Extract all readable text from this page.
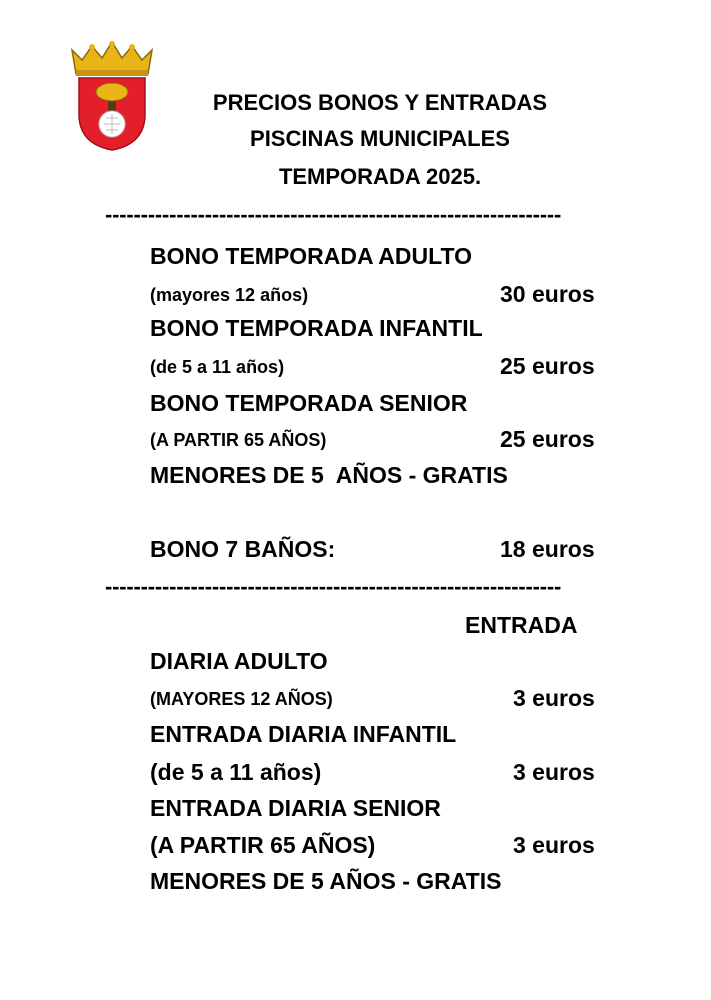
PRECIOS BONOS Y ENTRADAS
PISCINAS MUNICIPALES
TEMPORADA 2025.
----------------------------------------------------------------
BONO TEMPORADA ADULTO
(mayores 12 años)	30 euros
BONO TEMPORADA INFANTIL
(de 5 a 11 años)	25 euros
BONO TEMPORADA SENIOR
(A PARTIR 65 AÑOS)	25 euros
MENORES DE 5  AÑOS - GRATIS
BONO 7 BAÑOS:	18 euros
----------------------------------------------------------------
ENTRADA
DIARIA ADULTO
(MAYORES 12 AÑOS)	3 euros
ENTRADA DIARIA INFANTIL
(de 5 a 11 años)	3 euros
ENTRADA DIARIA SENIOR
(A PARTIR 65 AÑOS)	3 euros
MENORES DE 5 AÑOS - GRATIS
